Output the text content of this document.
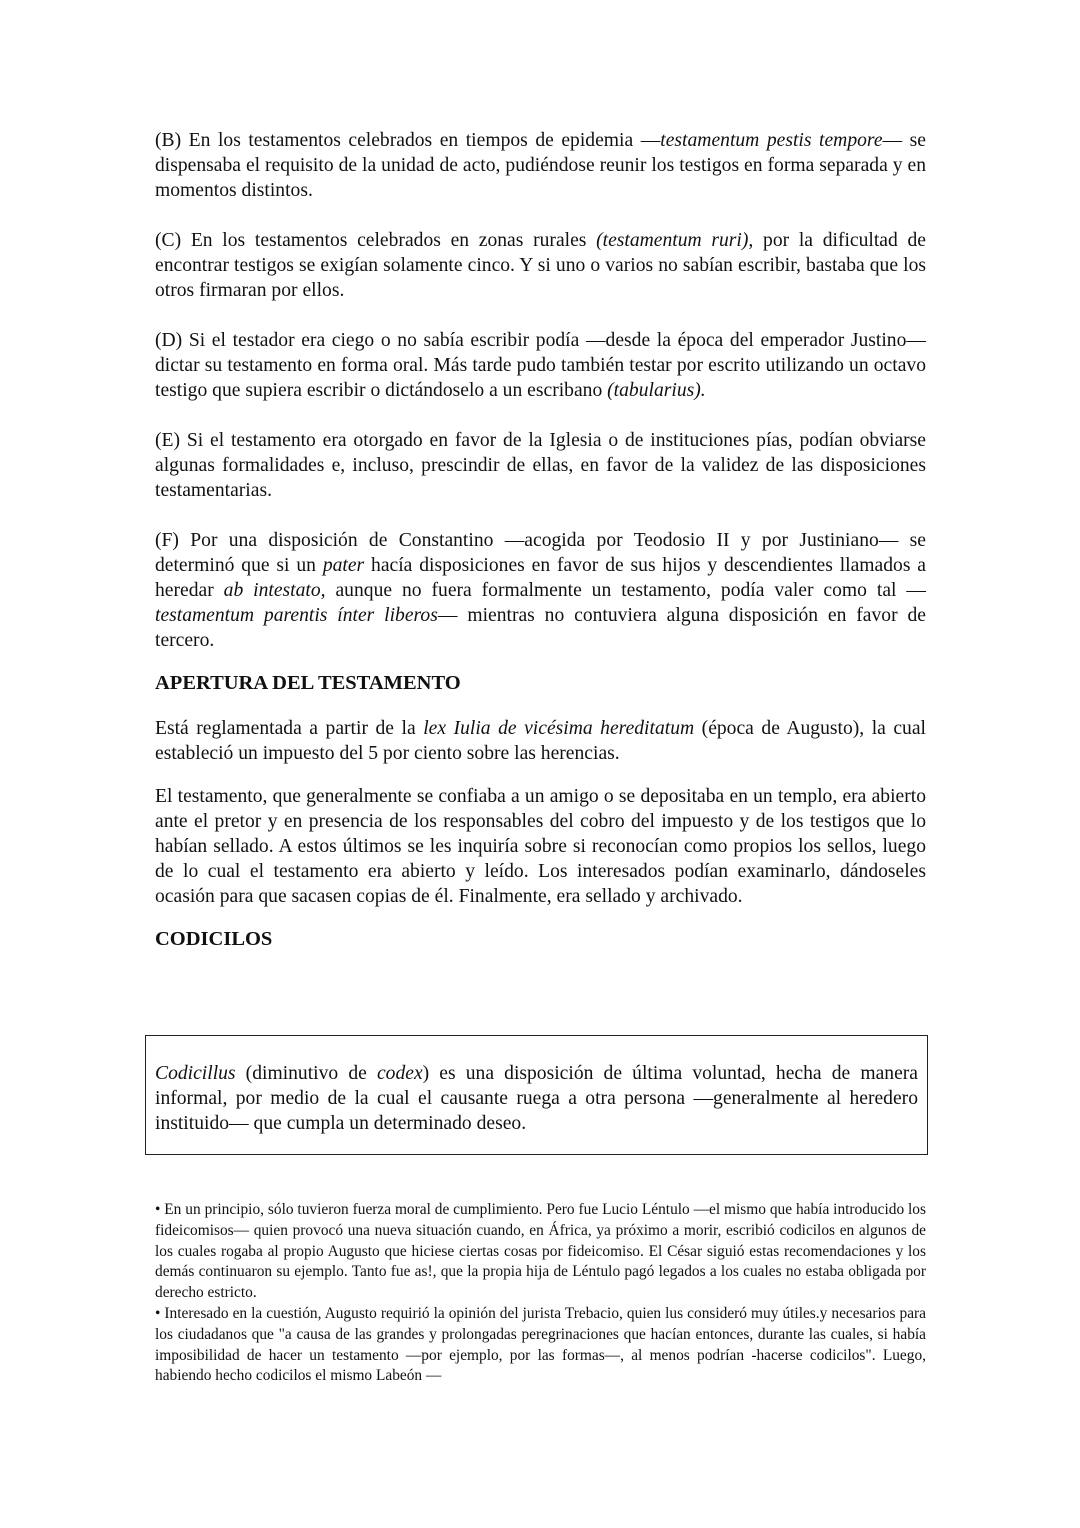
(B) En los testamentos celebrados en tiempos de epidemia —testamentum pestis tempore— se dispensaba el requisito de la unidad de acto, pudiéndose reunir los testigos en forma separada y en momentos distintos.

(C) En los testamentos celebrados en zonas rurales (testamentum ruri), por la dificultad de encontrar testigos se exigían solamente cinco. Y si uno o varios no sabían escribir, bastaba que los otros firmaran por ellos.

(D) Si el testador era ciego o no sabía escribir podía —desde la época del emperador Justino— dictar su testamento en forma oral. Más tarde pudo también testar por escrito utilizando un octavo testigo que supiera escribir o dictándoselo a un escribano (tabularius).

(E) Si el testamento era otorgado en favor de la Iglesia o de instituciones pías, podían obviarse algunas formalidades e, incluso, prescindir de ellas, en favor de la validez de las disposiciones testamentarias.

(F) Por una disposición de Constantino —acogida por Teodosio II y por Justiniano— se determinó que si un pater hacía disposiciones en favor de sus hijos y descendientes llamados a heredar ab intestato, aunque no fuera formalmente un testamento, podía valer como tal —testamentum parentis ínter liberos— mientras no contuviera alguna disposición en favor de tercero.

APERTURA DEL TESTAMENTO

Está reglamentada a partir de la lex Iulia de vicésima hereditatum (época de Augusto), la cual estableció un impuesto del 5 por ciento sobre las herencias.

El testamento, que generalmente se confiaba a un amigo o se depositaba en un templo, era abierto ante el pretor y en presencia de los responsables del cobro del impuesto y de los testigos que lo habían sellado. A estos últimos se les inquiría sobre si reconocían como propios los sellos, luego de lo cual el testamento era abierto y leído. Los interesados podían examinarlo, dándoseles ocasión para que sacasen copias de él. Finalmente, era sellado y archivado.

CODICILOS

Codicillus (diminutivo de codex) es una disposición de última voluntad, hecha de manera informal, por medio de la cual el causante ruega a otra persona —generalmente al heredero instituido— que cumpla un determinado deseo.

• En un principio, sólo tuvieron fuerza moral de cumplimiento. Pero fue Lucio Léntulo —el mismo que había introducido los fideicomisos— quien provocó una nueva situación cuando, en África, ya próximo a morir, escribió codicilos en algunos de los cuales rogaba al propio Augusto que hiciese ciertas cosas por fideicomiso. El César siguió estas recomendaciones y los demás continuaron su ejemplo. Tanto fue as!, que la propia hija de Léntulo pagó legados a los cuales no estaba obligada por derecho estricto.

• Interesado en la cuestión, Augusto requirió la opinión del jurista Trebacio, quien lus consideró muy útiles.y necesarios para los ciudadanos que "a causa de las grandes y prolongadas peregrinaciones que hacían entonces, durante las cuales, si había imposibilidad de hacer un testamento —por ejemplo, por las formas—, al menos podrían -hacerse codicilos". Luego, habiendo hecho codicilos el mismo Labeón —
